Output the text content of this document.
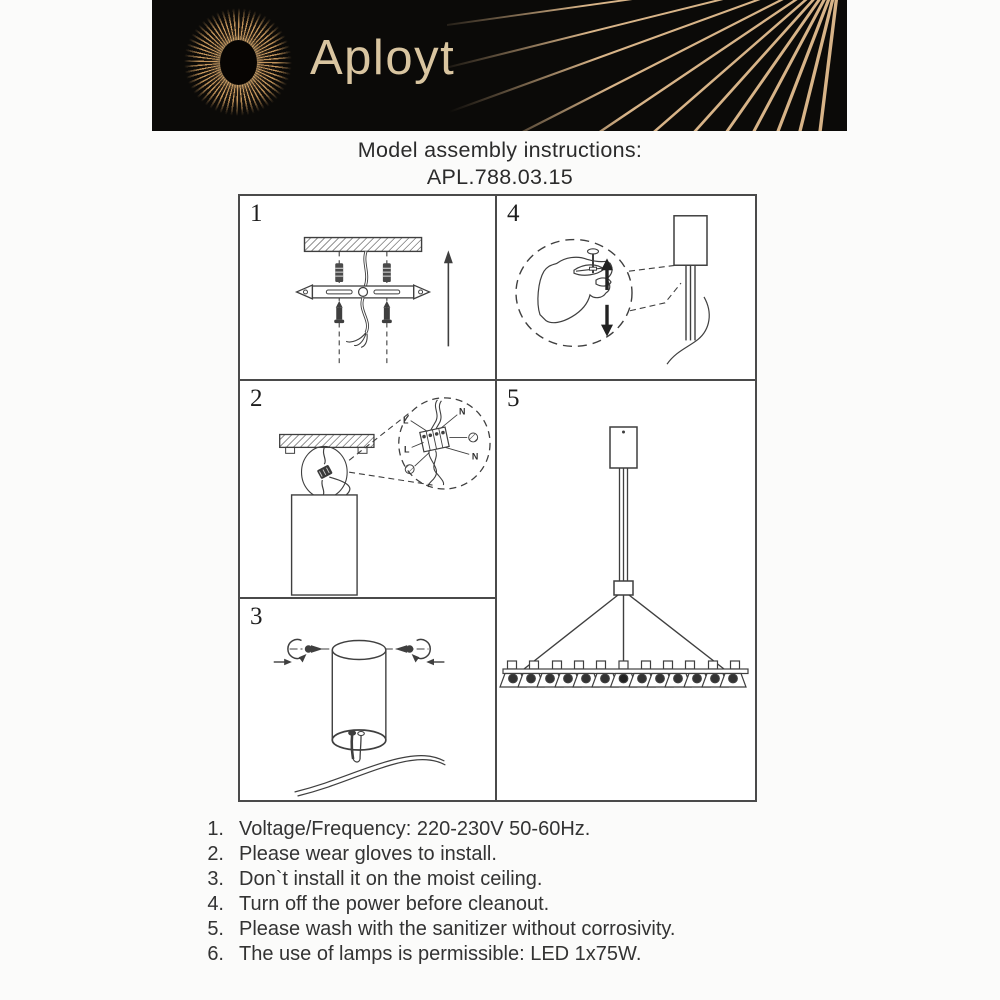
Aployt
Model assembly instructions:
APL.788.03.15
1	4
2
L
N
L
N
5
3
1. Voltage/Frequency: 220-230V 50-60Hz.
2. Please wear gloves to install.
3. Don`t install it on the moist ceiling.
4. Turn off the power before cleanout.
5. Please wash with the sanitizer without corrosivity.
6. The use of lamps is permissible: LED 1x75W.
